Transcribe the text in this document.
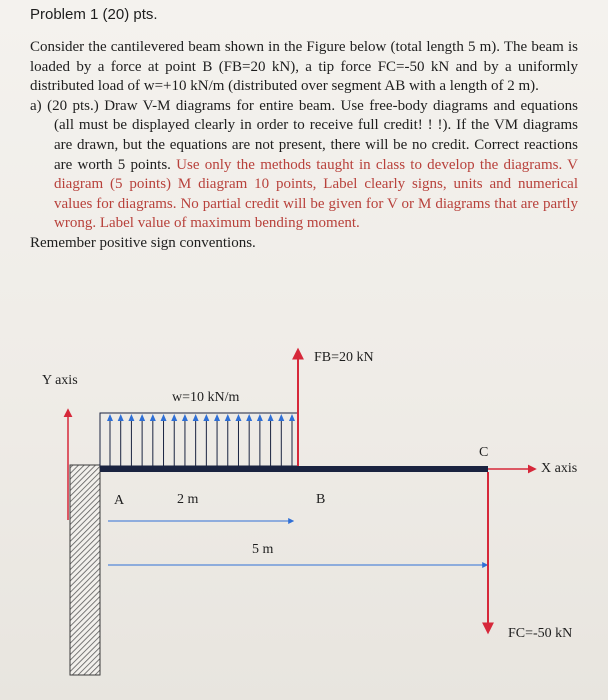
Problem 1 (20) pts.

Consider the cantilevered beam shown in the Figure below (total length 5 m). The beam is loaded by a force at point B (FB=20 kN), a tip force FC=-50 kN and by a uniformly distributed load of w=+10 kN/m (distributed over segment AB with a length of 2 m).

a) (20 pts.) Draw V-M diagrams for entire beam. Use free-body diagrams and equations (all must be displayed clearly in order to receive full credit! ! !). If the VM diagrams are drawn, but the equations are not present, there will be no credit. Correct reactions are worth 5 points. Use only the methods taught in class to develop the diagrams. V diagram (5 points) M diagram 10 points, Label clearly signs, units and numerical values for diagrams. No partial credit will be given for V or M diagrams that are partly wrong. Label value of maximum bending moment.

Remember positive sign conventions.

Y axis
w=10 kN/m
FB=20 kN
X axis
A	B
C
2 m
5 m
FC=-50 kN
